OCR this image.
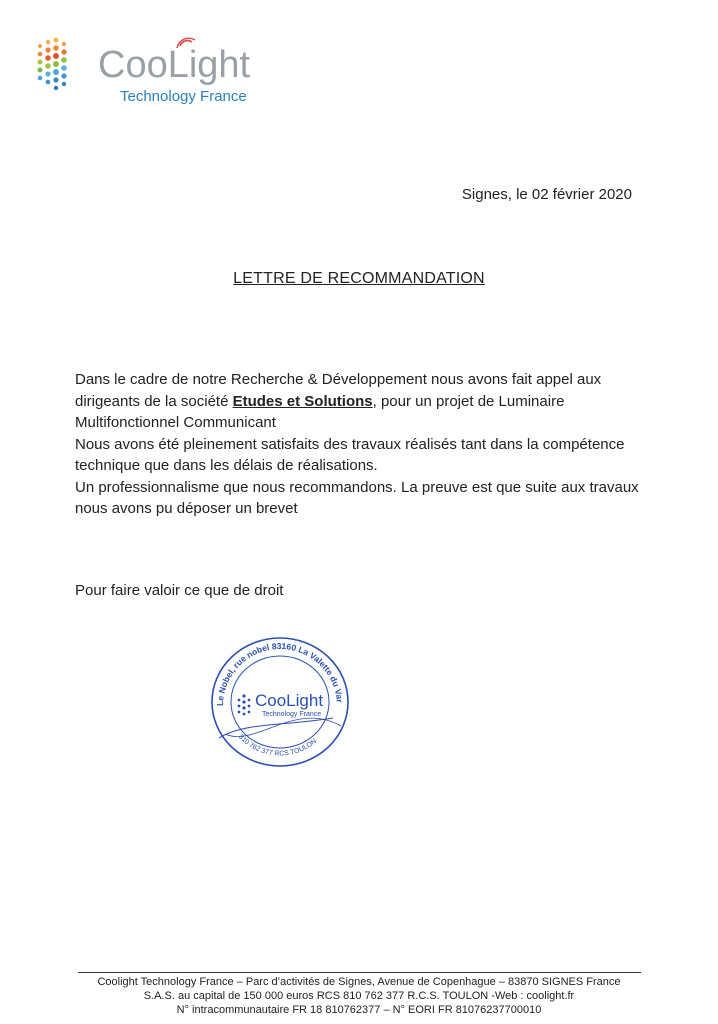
CooLight
Technology France
Signes, le 02 février 2020
LETTRE DE RECOMMANDATION

Dans le cadre de notre Recherche & Développement nous avons fait appel aux dirigeants de la société Etudes et Solutions, pour un projet de Luminaire Multifonctionnel Communicant

Nous avons été pleinement satisfaits des travaux réalisés tant dans la compétence technique que dans les délais de réalisations.

Un professionnalisme que nous recommandons. La preuve est que suite aux travaux nous avons pu déposer un brevet

Pour faire valoir ce que de droit
Le Nobel, rue nobel 83160 La Valette du Var
810 762 377 RCS TOULON
CooLight
Technology France
Coolight Technology France – Parc d’activités de Signes, Avenue de Copenhague – 83870 SIGNES France
S.A.S. au capital de 150 000 euros RCS 810 762 377 R.C.S. TOULON -Web : coolight.fr
N° intracommunautaire FR 18 810762377 – N° EORI FR 81076237700010
